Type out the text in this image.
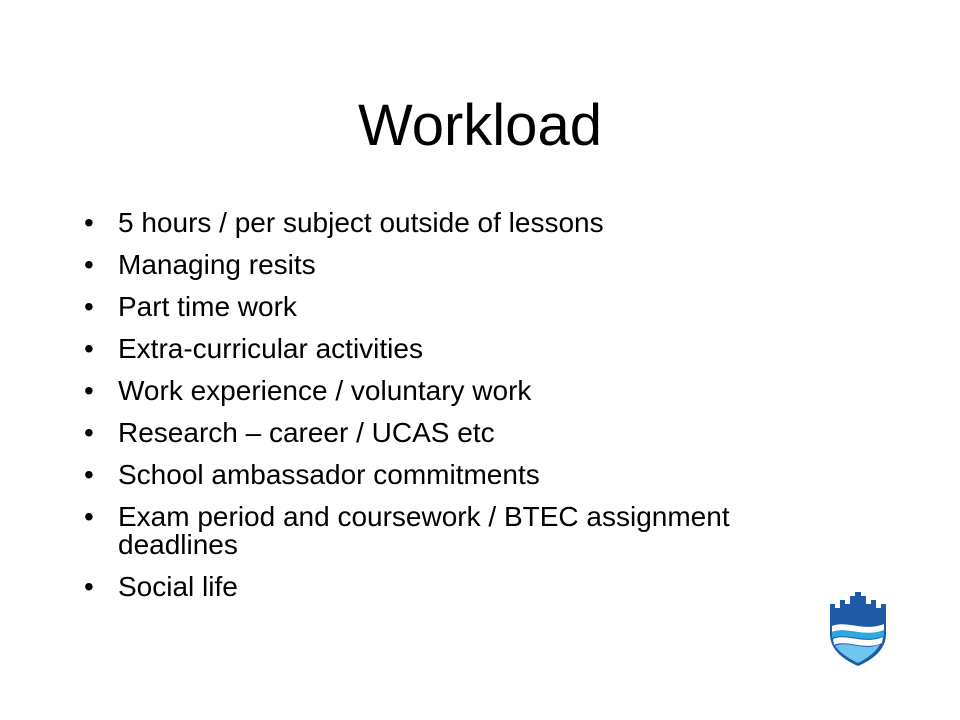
Workload
• 5 hours / per subject outside of lessons
• Managing resits
• Part time work
• Extra-curricular activities
• Work experience / voluntary work
• Research – career / UCAS etc
• School ambassador commitments
• Exam period and coursework / BTEC assignment deadlines
• Social life
